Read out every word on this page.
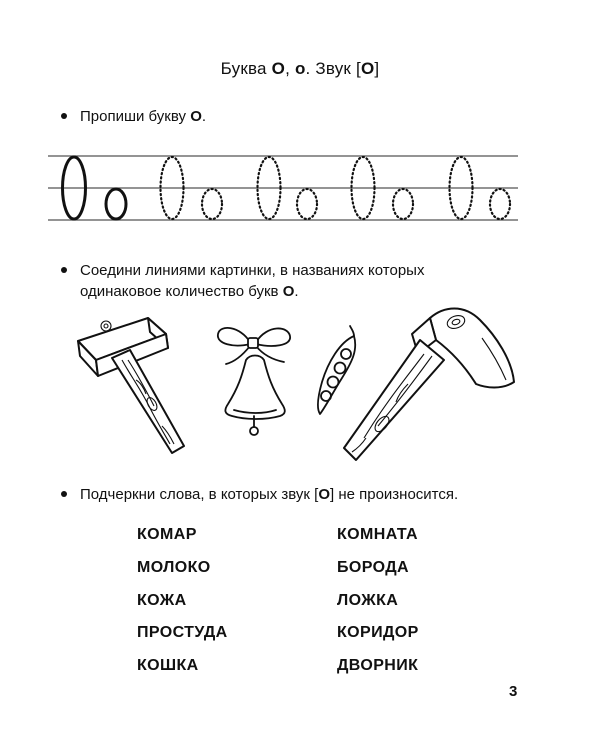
Буква О, о. Звук [О]
Пропиши букву О.
Соедини линиями картинки, в названиях которых
одинаковое количество букв О.
Подчеркни слова, в которых звук [О] не произносится.
КОМАР
МОЛОКО
КОЖА
ПРОСТУДА
КОШКА
КОМНАТА
БОРОДА
ЛОЖКА
КОРИДОР
ДВОРНИК
3
